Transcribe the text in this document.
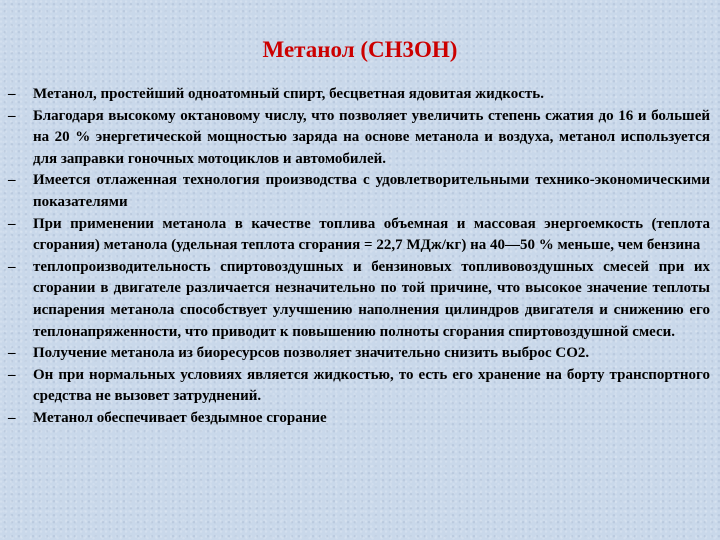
Метанол (СН3ОН)
–	Метанол, простейший одноатомный спирт, бесцветная ядовитая жидкость.
–	Благодаря высокому октановому числу, что позволяет увеличить степень сжатия до 16 и большей на 20 % энергетической мощностью заряда на основе метанола и воздуха, метанол используется для заправки гоночных мотоциклов и автомобилей.
–	Имеется отлаженная технология производства с удовлетворительными технико-экономическими показателями
–	При применении метанола в качестве топлива объемная и массовая энергоемкость (теплота сгорания) метанола (удельная теплота сгорания = 22,7 МДж/кг) на 40—50 % меньше, чем бензина
–	теплопроизводительность спиртовоздушных и бензиновых топливовоздушных смесей при их сгорании в двигателе различается незначительно по той причине, что высокое значение теплоты испарения метанола способствует улучшению наполнения цилиндров двигателя и снижению его теплонапряженности, что приводит к повышению полноты сгорания спиртовоздушной смеси.
–	Получение метанола из биоресурсов позволяет значительно снизить выброс СО2.
–	Он при нормальных условиях является жидкостью, то есть его хранение на борту транспортного средства не вызовет затруднений.
–	Метанол обеспечивает бездымное сгорание
